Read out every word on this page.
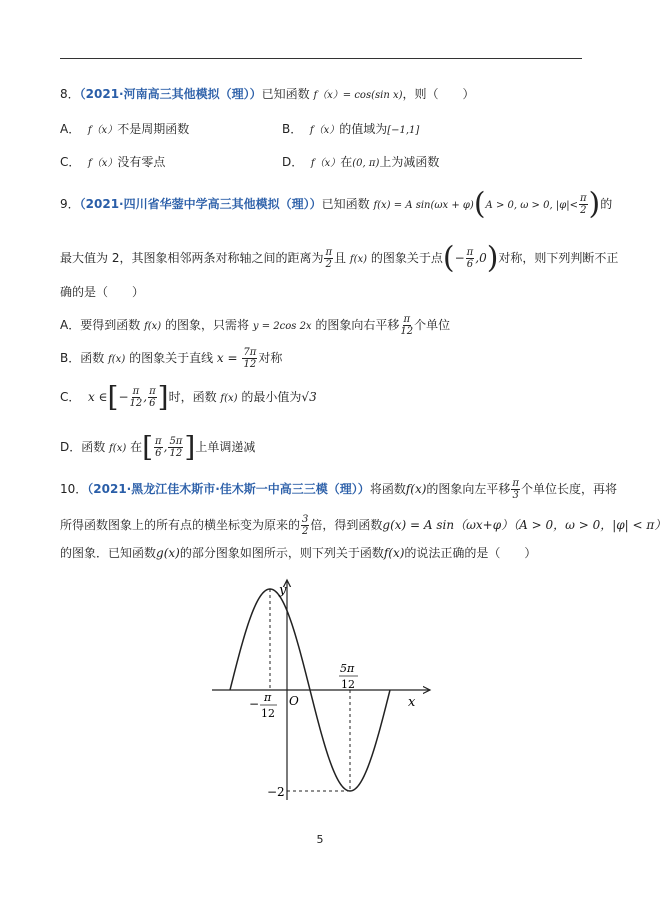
8．（2021·河南高三其他模拟（理））已知函数 f（x）= cos(sin x)，则（　　）
A． f（x）不是周期函数	B． f（x）的值域为[−1,1]
C． f（x）没有零点	D． f（x）在(0, π)上为减函数
9．（2021·四川省华蓥中学高三其他模拟（理））已知函数 f(x) = A sin(ωx + φ)(A > 0, ω > 0, $|\varphi|< \frac{\pi}{2}$ )的
最大值为 2，其图象相邻两条对称轴之间的距离为 $\frac{\pi}{2}$ 且 f(x) 的图象关于点(− $\frac{\pi}{6} ,0$)对称，则下列判断不正
确的是（　　）
A．要得到函数 f(x) 的图象，只需将 y = 2cos 2x 的图象向右平移 $\frac{\pi}{12}$ 个单位
B．函数 f(x) 的图象关于直线 $x = \frac{7\pi}{12}$ 对称
C． x ∈[− $\frac{\pi}{12}$ , $\frac{\pi}{6}$ ]时，函数 f(x) 的最小值为√3
D．函数 f(x) 在[ $\frac{\pi}{6}$ , $\frac{5\pi}{12}$ ]上单调递减
10．（2021·黑龙江佳木斯市·佳木斯一中高三三模（理））将函数f(x)的图象向左平移 $\frac{\pi}{3}$ 个单位长度，再将
所得函数图象上的所有点的横坐标变为原来的 $\frac{3}{2}$ 倍，得到函数g(x) = A sin（ωx+φ）（A > 0，ω > 0，|φ| < π）
的图象．已知函数g(x)的部分图象如图所示，则下列关于函数f(x)的说法正确的是（　　）
y
x
O
− π
12
5π
12
−2
5
